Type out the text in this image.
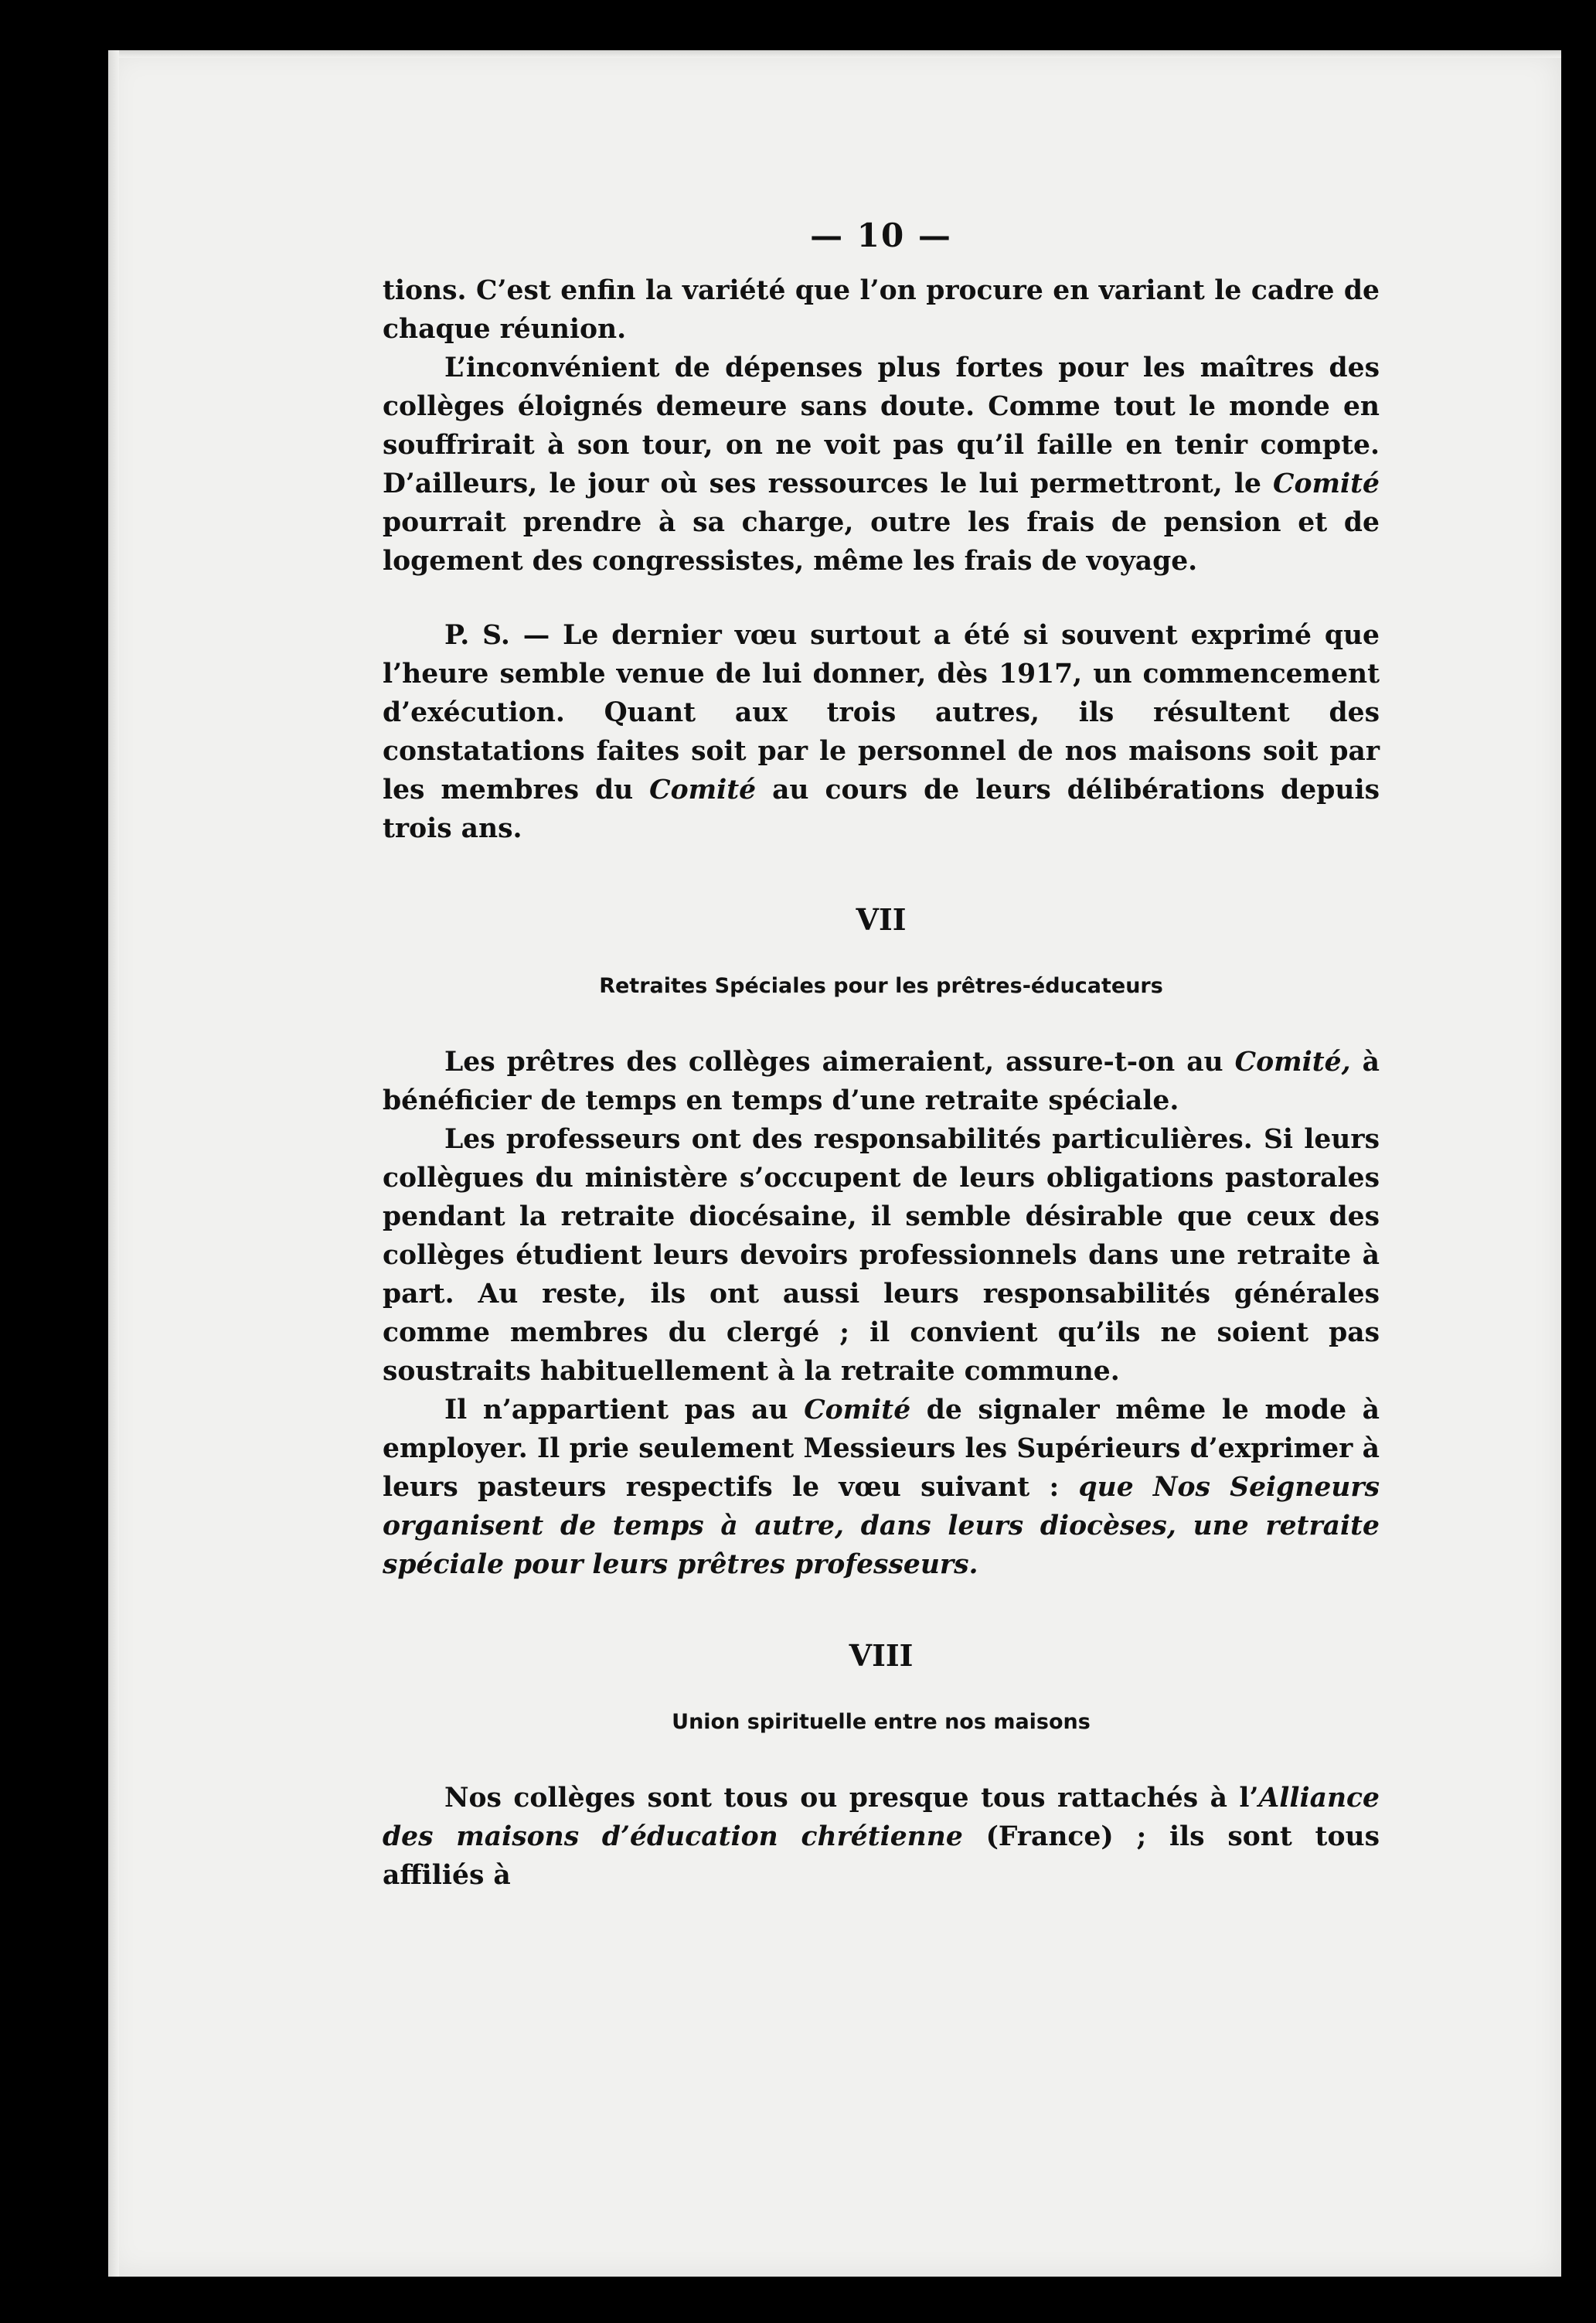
— 10 —

tions. C’est enfin la variété que l’on procure en variant le cadre de chaque réunion.

L’inconvénient de dépenses plus fortes pour les maîtres des collèges éloignés demeure sans doute. Comme tout le monde en souffrirait à son tour, on ne voit pas qu’il faille en tenir compte. D’ailleurs, le jour où ses ressources le lui permettront, le Comité pourrait prendre à sa charge, outre les frais de pension et de logement des congressistes, même les frais de voyage.

P. S. — Le dernier vœu surtout a été si souvent exprimé que l’heure semble venue de lui donner, dès 1917, un commencement d’exécution. Quant aux trois autres, ils résultent des constatations faites soit par le personnel de nos maisons soit par les membres du Comité au cours de leurs délibérations depuis trois ans.

VII
Retraites Spéciales pour les prêtres-éducateurs

Les prêtres des collèges aimeraient, assure-t-on au Comité, à bénéficier de temps en temps d’une retraite spéciale.

Les professeurs ont des responsabilités particulières. Si leurs collègues du ministère s’occupent de leurs obligations pastorales pendant la retraite diocésaine, il semble désirable que ceux des collèges étudient leurs devoirs professionnels dans une retraite à part. Au reste, ils ont aussi leurs responsabilités générales comme membres du clergé ; il convient qu’ils ne soient pas soustraits habituellement à la retraite commune.

Il n’appartient pas au Comité de signaler même le mode à employer. Il prie seulement Messieurs les Supérieurs d’exprimer à leurs pasteurs respectifs le vœu suivant : que Nos Seigneurs organisent de temps à autre, dans leurs diocèses, une retraite spéciale pour leurs prêtres professeurs.

VIII
Union spirituelle entre nos maisons

Nos collèges sont tous ou presque tous rattachés à l’Alliance des maisons d’éducation chrétienne (France) ; ils sont tous affiliés à
